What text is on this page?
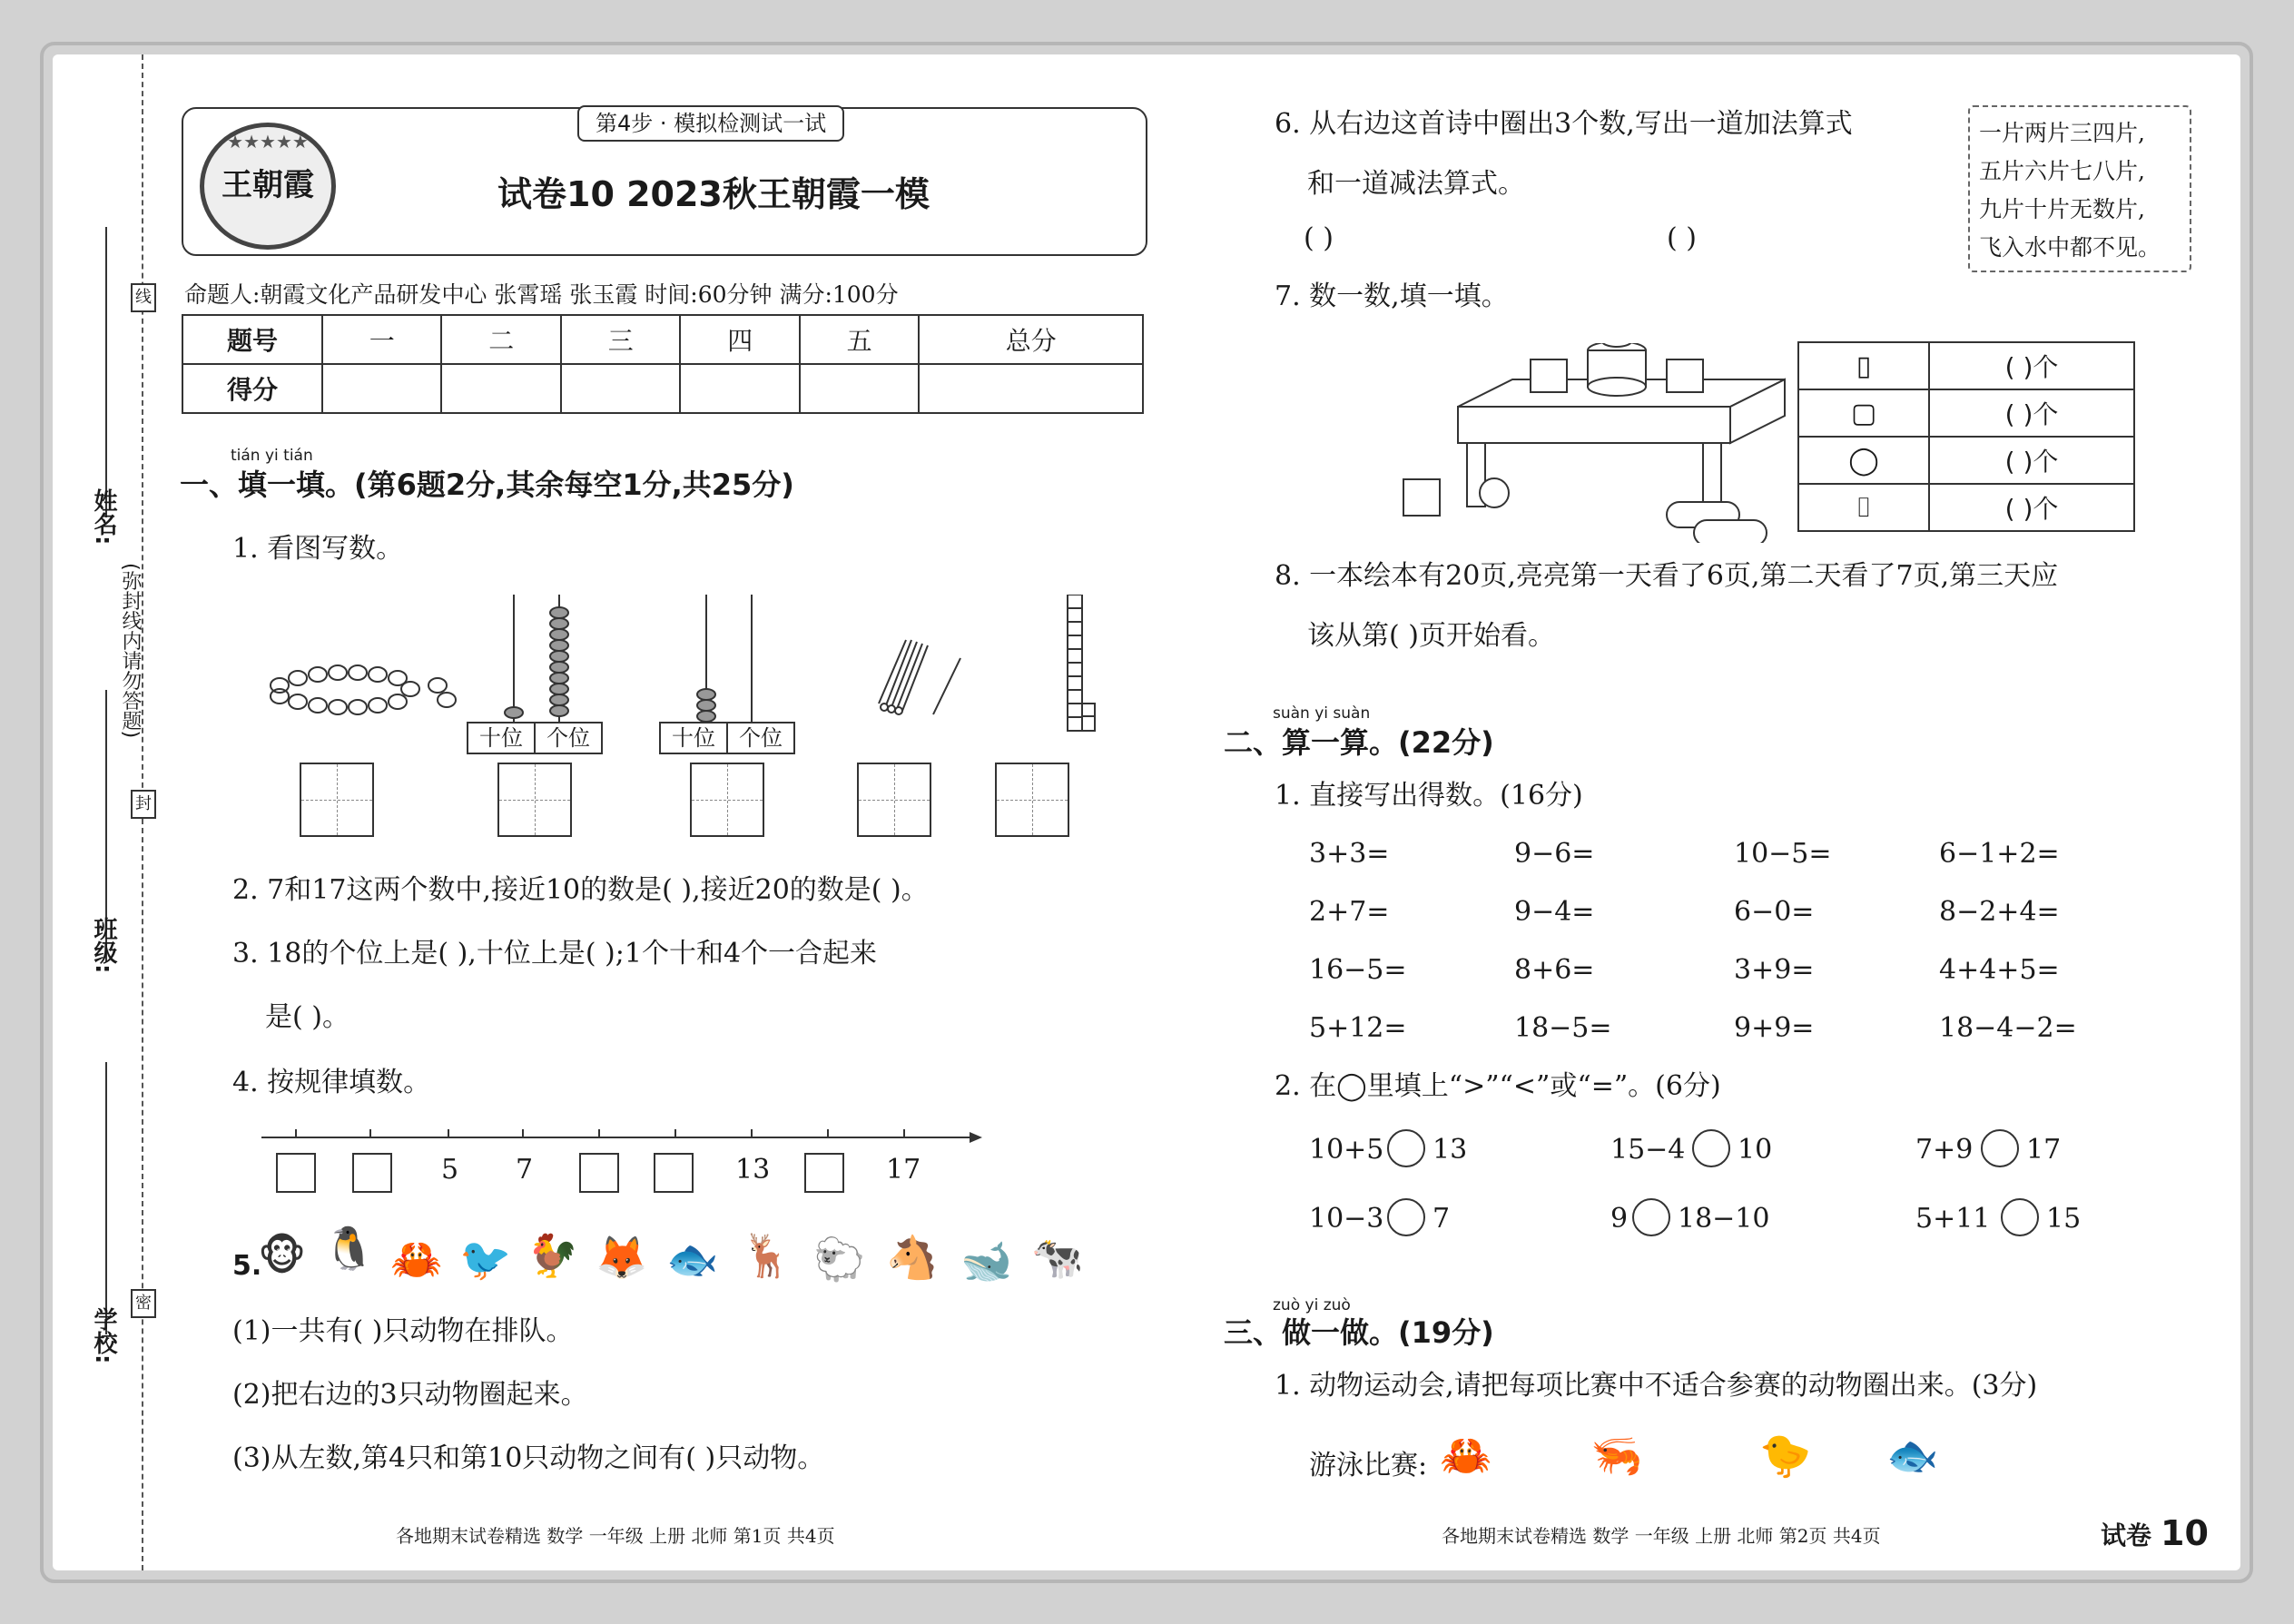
线
封
密
(弥封线内请勿答题)
姓名:
班级:
学校:
第4步 · 模拟检测试一试
★★★★★
王朝霞	试卷10 2023秋王朝霞一模
命题人:朝霞文化产品研发中心 张霄瑶 张玉霞 时间:60分钟 满分:100分
题号	一	二	三	四	五	总分
得分						
tián yi tián
一、填一填。(第6题2分,其余每空1分,共25分)
1. 看图写数。
十位	个位	十位	个位
2. 7和17这两个数中,接近10的数是( ),接近20的数是( )。
3. 18的个位上是( ),十位上是( );1个十和4个一合起来
是( )。
4. 按规律填数。
5 7	13	17
5.
🐵 🐧 🦀 🐦 🐓 🦊 🐟 🦌 🐑 🐴 🐋 🐄
(1)一共有( )只动物在排队。
(2)把右边的3只动物圈起来。
(3)从左数,第4只和第10只动物之间有( )只动物。
各地期末试卷精选 数学 一年级 上册 北师 第1页 共4页
6. 从右边这首诗中圈出3个数,写出一道加法算式
和一道减法算式。
( )	( )
一片两片三四片,
五片六片七八片,
九片十片无数片,
飞入水中都不见。
7. 数一数,填一填。
▯	( )个
▢	( )个
◯	( )个
⌷	( )个
8. 一本绘本有20页,亮亮第一天看了6页,第二天看了7页,第三天应
该从第( )页开始看。
suàn yi suàn
二、算一算。(22分)
1. 直接写出得数。(16分)
3+3=	9−6=	10−5=	6−1+2=
2+7=	9−4=	6−0=	8−2+4=
16−5=	8+6=	3+9=	4+4+5=
5+12=	18−5=	9+9=	18−4−2=
2. 在◯里填上“>”“<”或“=”。(6分)
10+5 13	15−4 10	7+9 17
10−3 7	9 18−10	5+11 15
zuò yi zuò
三、做一做。(19分)
1. 动物运动会,请把每项比赛中不适合参赛的动物圈出来。(3分)
游泳比赛: 🦀 🦐	🐤 🐟
各地期末试卷精选 数学 一年级 上册 北师 第2页 共4页	试卷 10
